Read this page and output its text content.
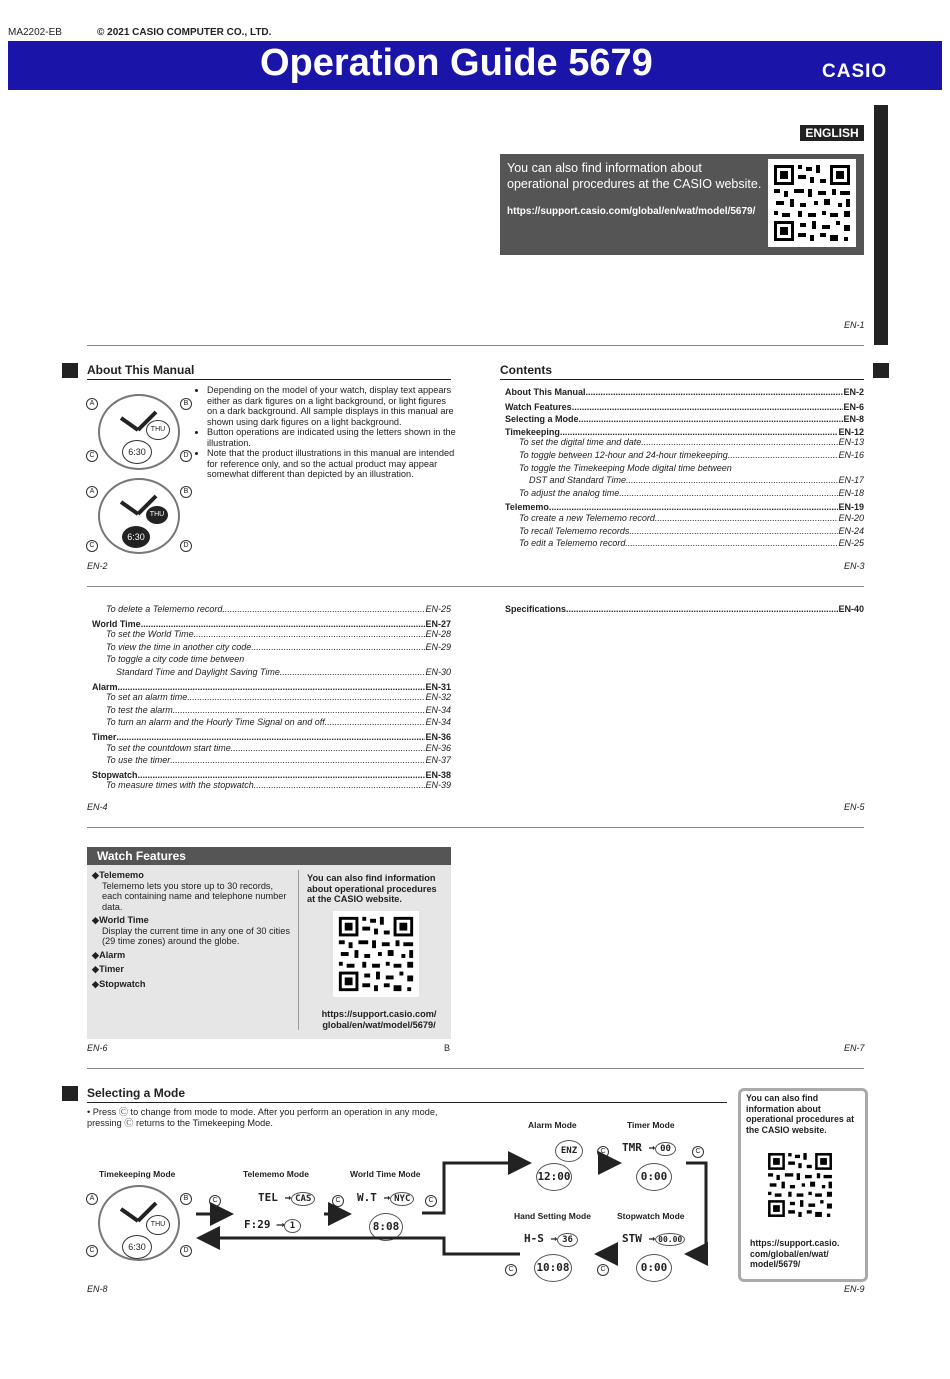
MA2202-EB	© 2021 CASIO COMPUTER CO., LTD.
Operation Guide 5679	CASIO
ENGLISH
You can also find information about operational procedures at the CASIO website.
https://support.casio.com/global/en/wat/model/5679/
EN-1
About This Manual
THU
6:30
A	B
C	D
THU
6:30
A	B
C	D
• Depending on the model of your watch, display text appears either as dark figures on a light background, or light figures on a dark background. All sample displays in this manual are shown using dark figures on a light background.
• Button operations are indicated using the letters shown in the illustration.
• Note that the product illustrations in this manual are intended for reference only, and so the actual product may appear somewhat different than depicted by an illustration.
EN-2
Contents
About This Manual .....	EN-2
Watch Features .....	EN-6
Selecting a Mode .....	EN-8
Timekeeping .....	EN-12
To set the digital time and date .....	EN-13
To toggle between 12-hour and 24-hour timekeeping .....	EN-16
To toggle the Timekeeping Mode digital time between
DST and Standard Time .....	EN-17
To adjust the analog time .....	EN-18
Telememo .....	EN-19
To create a new Telememo record .....	EN-20
To recall Telememo records .....	EN-24
To edit a Telememo record .....	EN-25
EN-3
To delete a Telememo record .....	EN-25
World Time .....	EN-27
To set the World Time .....	EN-28
To view the time in another city code .....	EN-29
To toggle a city code time between
Standard Time and Daylight Saving Time .....	EN-30
Alarm .....	EN-31
To set an alarm time .....	EN-32
To test the alarm .....	EN-34
To turn an alarm and the Hourly Time Signal on and off .....	EN-34
Timer .....	EN-36
To set the countdown start time .....	EN-36
To use the timer .....	EN-37
Stopwatch .....	EN-38
To measure times with the stopwatch .....	EN-39
Specifications .....	EN-40
EN-4	EN-5
Watch Features
◆Telememo
Telememo lets you store up to 30 records, each containing name and telephone number data.
◆World Time
Display the current time in any one of 30 cities (29 time zones) around the globe.
◆Alarm
◆Timer
◆Stopwatch
You can also find information about operational procedures at the CASIO website.
https://support.casio.com/
global/en/wat/model/5679/
EN-6	B	EN-7
Selecting a Mode
• Press Ⓒ to change from mode to mode. After you perform an operation in any mode, pressing Ⓒ returns to the Timekeeping Mode.
Timekeeping Mode	Telememo Mode	World Time Mode
Alarm Mode	Timer Mode
Hand Setting Mode	Stopwatch Mode
THU
6:30
A	B
C	D
TEL → CAS
F:29 ⟶ 1
W.T → NYC
8:08
ENZ
12:00
TMR → 00
0:00
H-S → 36
10:08
STW → 00.00
0:00
C	C	C
C	C
C
C
You can also find information about operational procedures at the CASIO website.
https://support.casio. com/global/en/wat/ model/5679/
EN-8	EN-9
